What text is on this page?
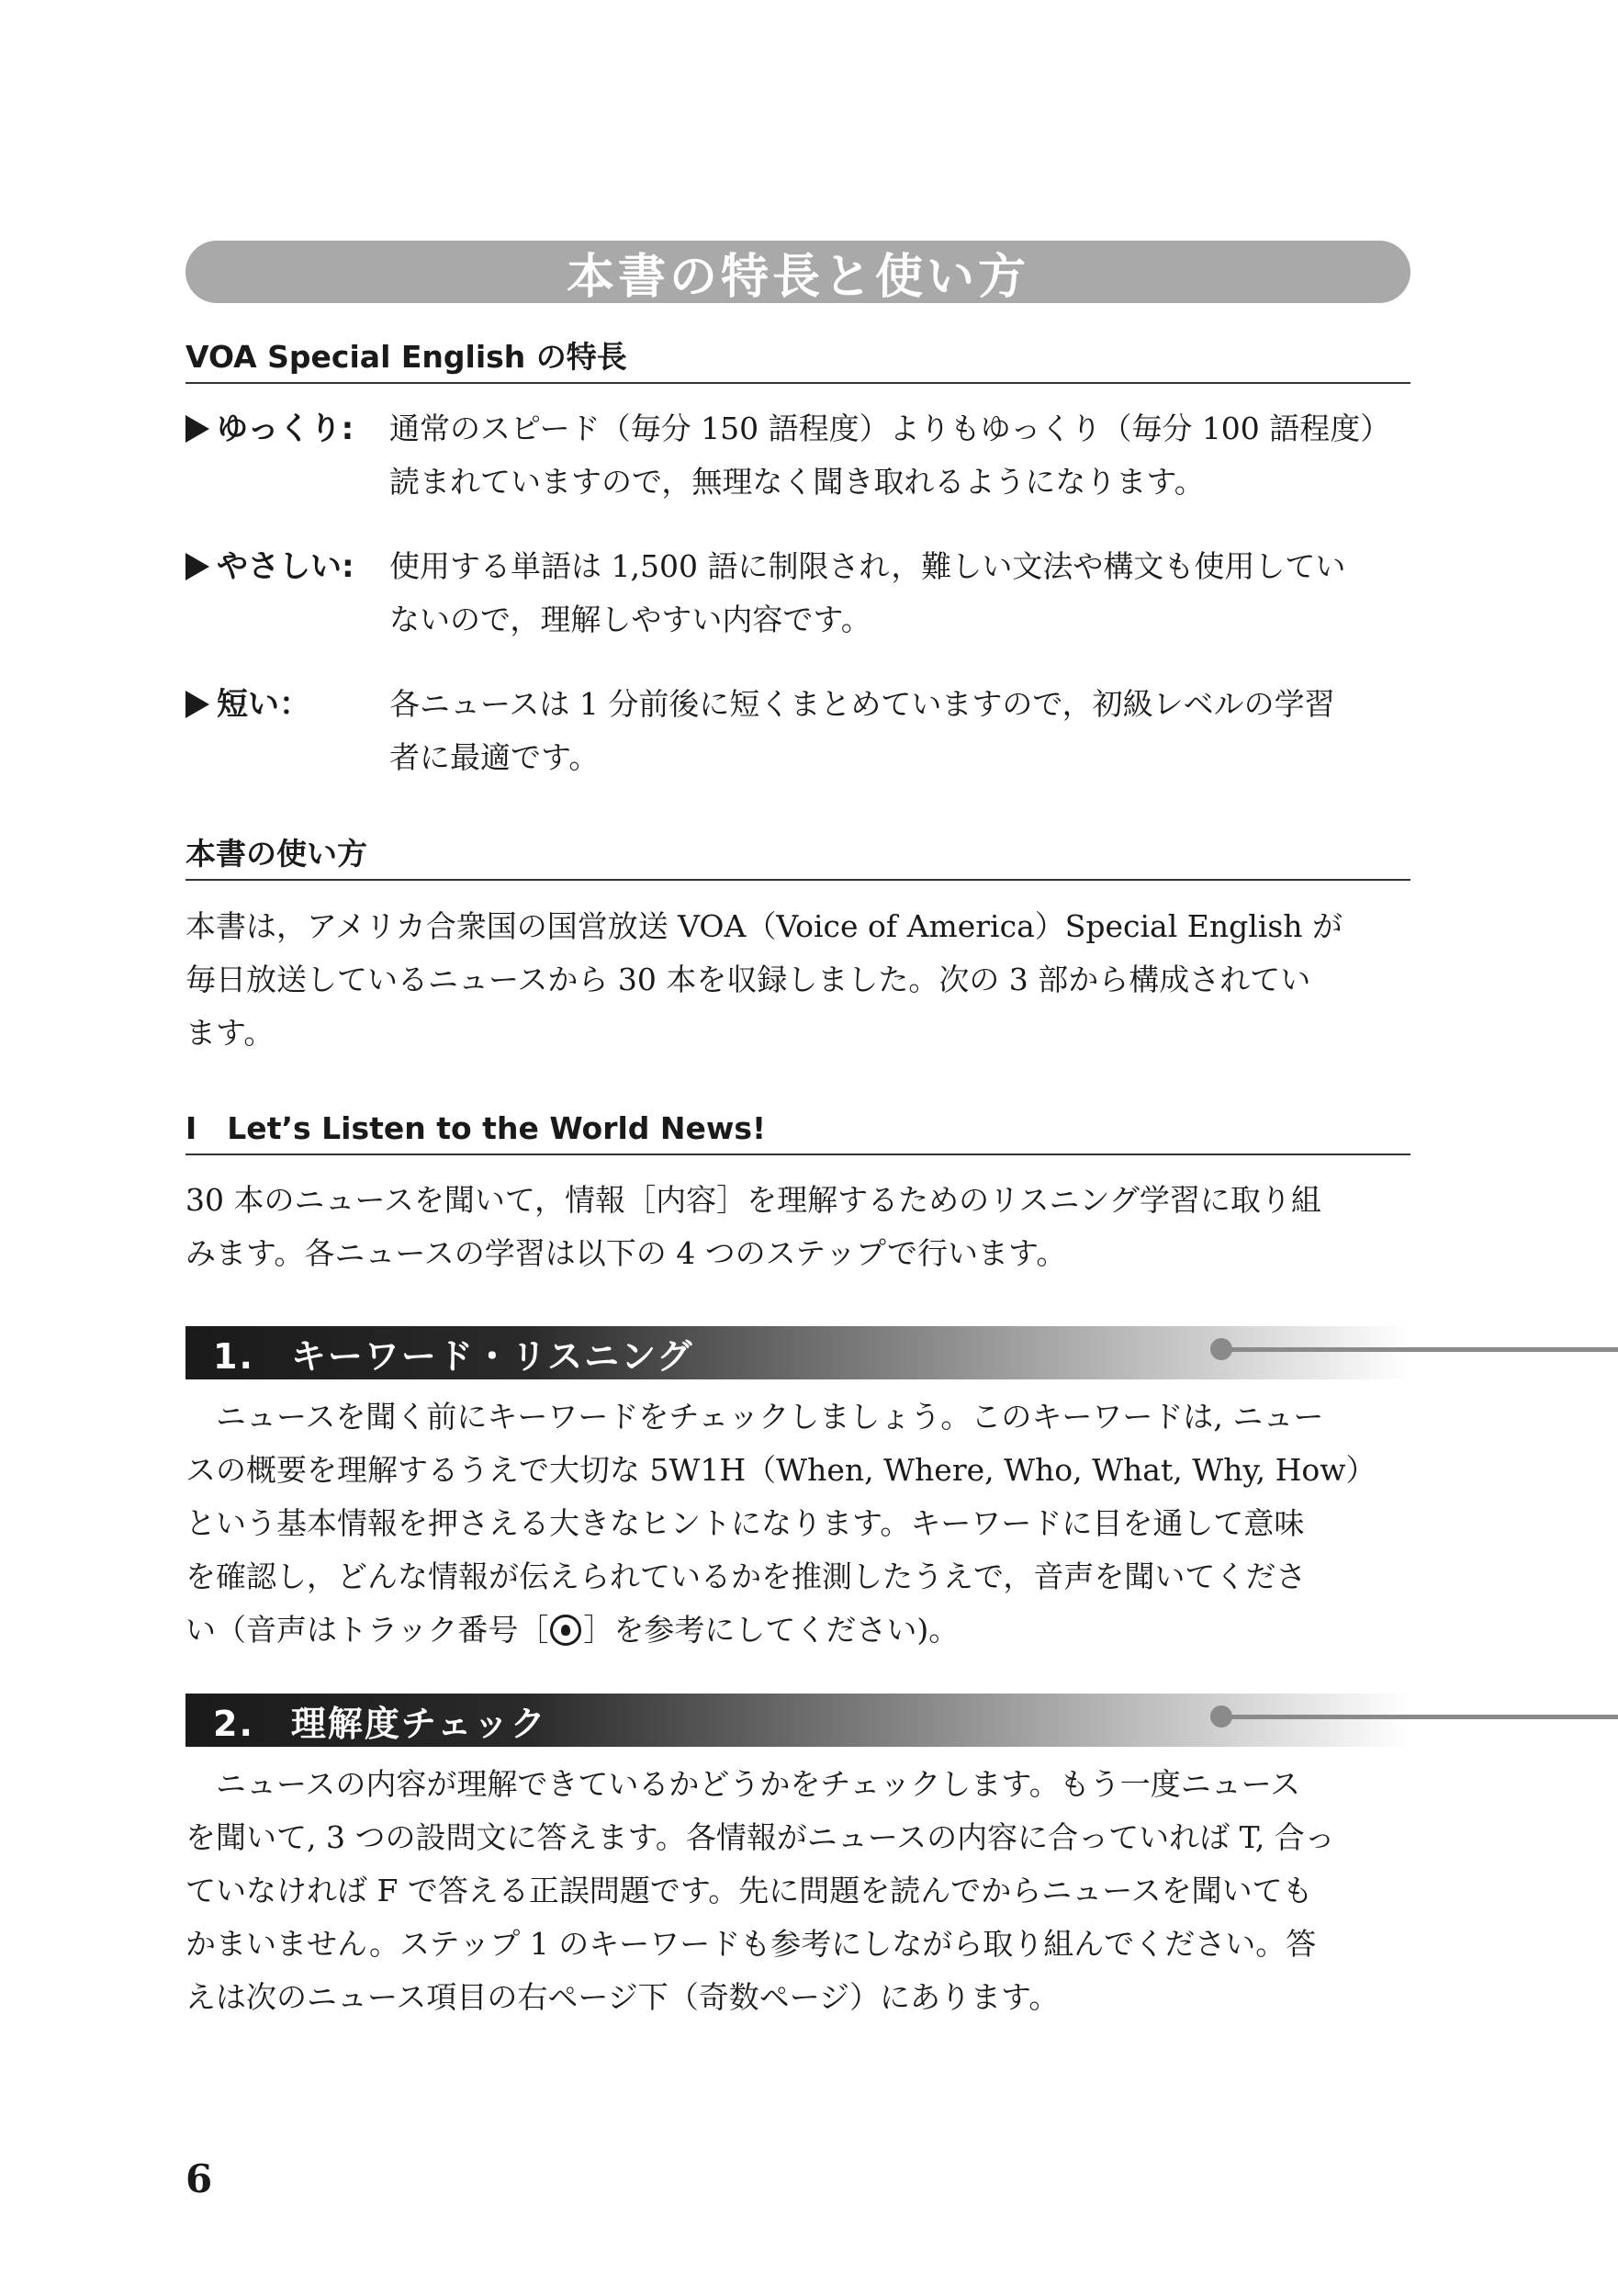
本書の特長と使い方
VOA Special English の特長
ゆっくり: 通常のスピード（毎分 150 語程度）よりもゆっくり（毎分 100 語程度）
読まれていますので，無理なく聞き取れるようになります。
やさしい: 使用する単語は 1,500 語に制限され，難しい文法や構文も使用してい
ないので，理解しやすい内容です。
短い：	各ニュースは 1 分前後に短くまとめていますので，初級レベルの学習
者に最適です。
本書の使い方
本書は，アメリカ合衆国の国営放送 VOA（Voice of America）Special English が
毎日放送しているニュースから 30 本を収録しました。次の 3 部から構成されてい
ます。
Ⅰ　Let’s Listen to the World News!
30 本のニュースを聞いて，情報［内容］を理解するためのリスニング学習に取り組
みます。各ニュースの学習は以下の 4 つのステップで行います。
1.　キーワード・リスニング
ニュースを聞く前にキーワードをチェックしましょう。このキーワードは, ニュー
スの概要を理解するうえで大切な 5W1H（When, Where, Who, What, Why, How）
という基本情報を押さえる大きなヒントになります。キーワードに目を通して意味
を確認し，どんな情報が伝えられているかを推測したうえで，音声を聞いてくださ
い（音声はトラック番号［ ］を参考にしてください)。
2.　理解度チェック
ニュースの内容が理解できているかどうかをチェックします。もう一度ニュース
を聞いて, 3 つの設問文に答えます。各情報がニュースの内容に合っていれば T, 合っ
ていなければ F で答える正誤問題です。先に問題を読んでからニュースを聞いても
かまいません。ステップ 1 のキーワードも参考にしながら取り組んでください。答
えは次のニュース項目の右ページ下（奇数ページ）にあります。
6
